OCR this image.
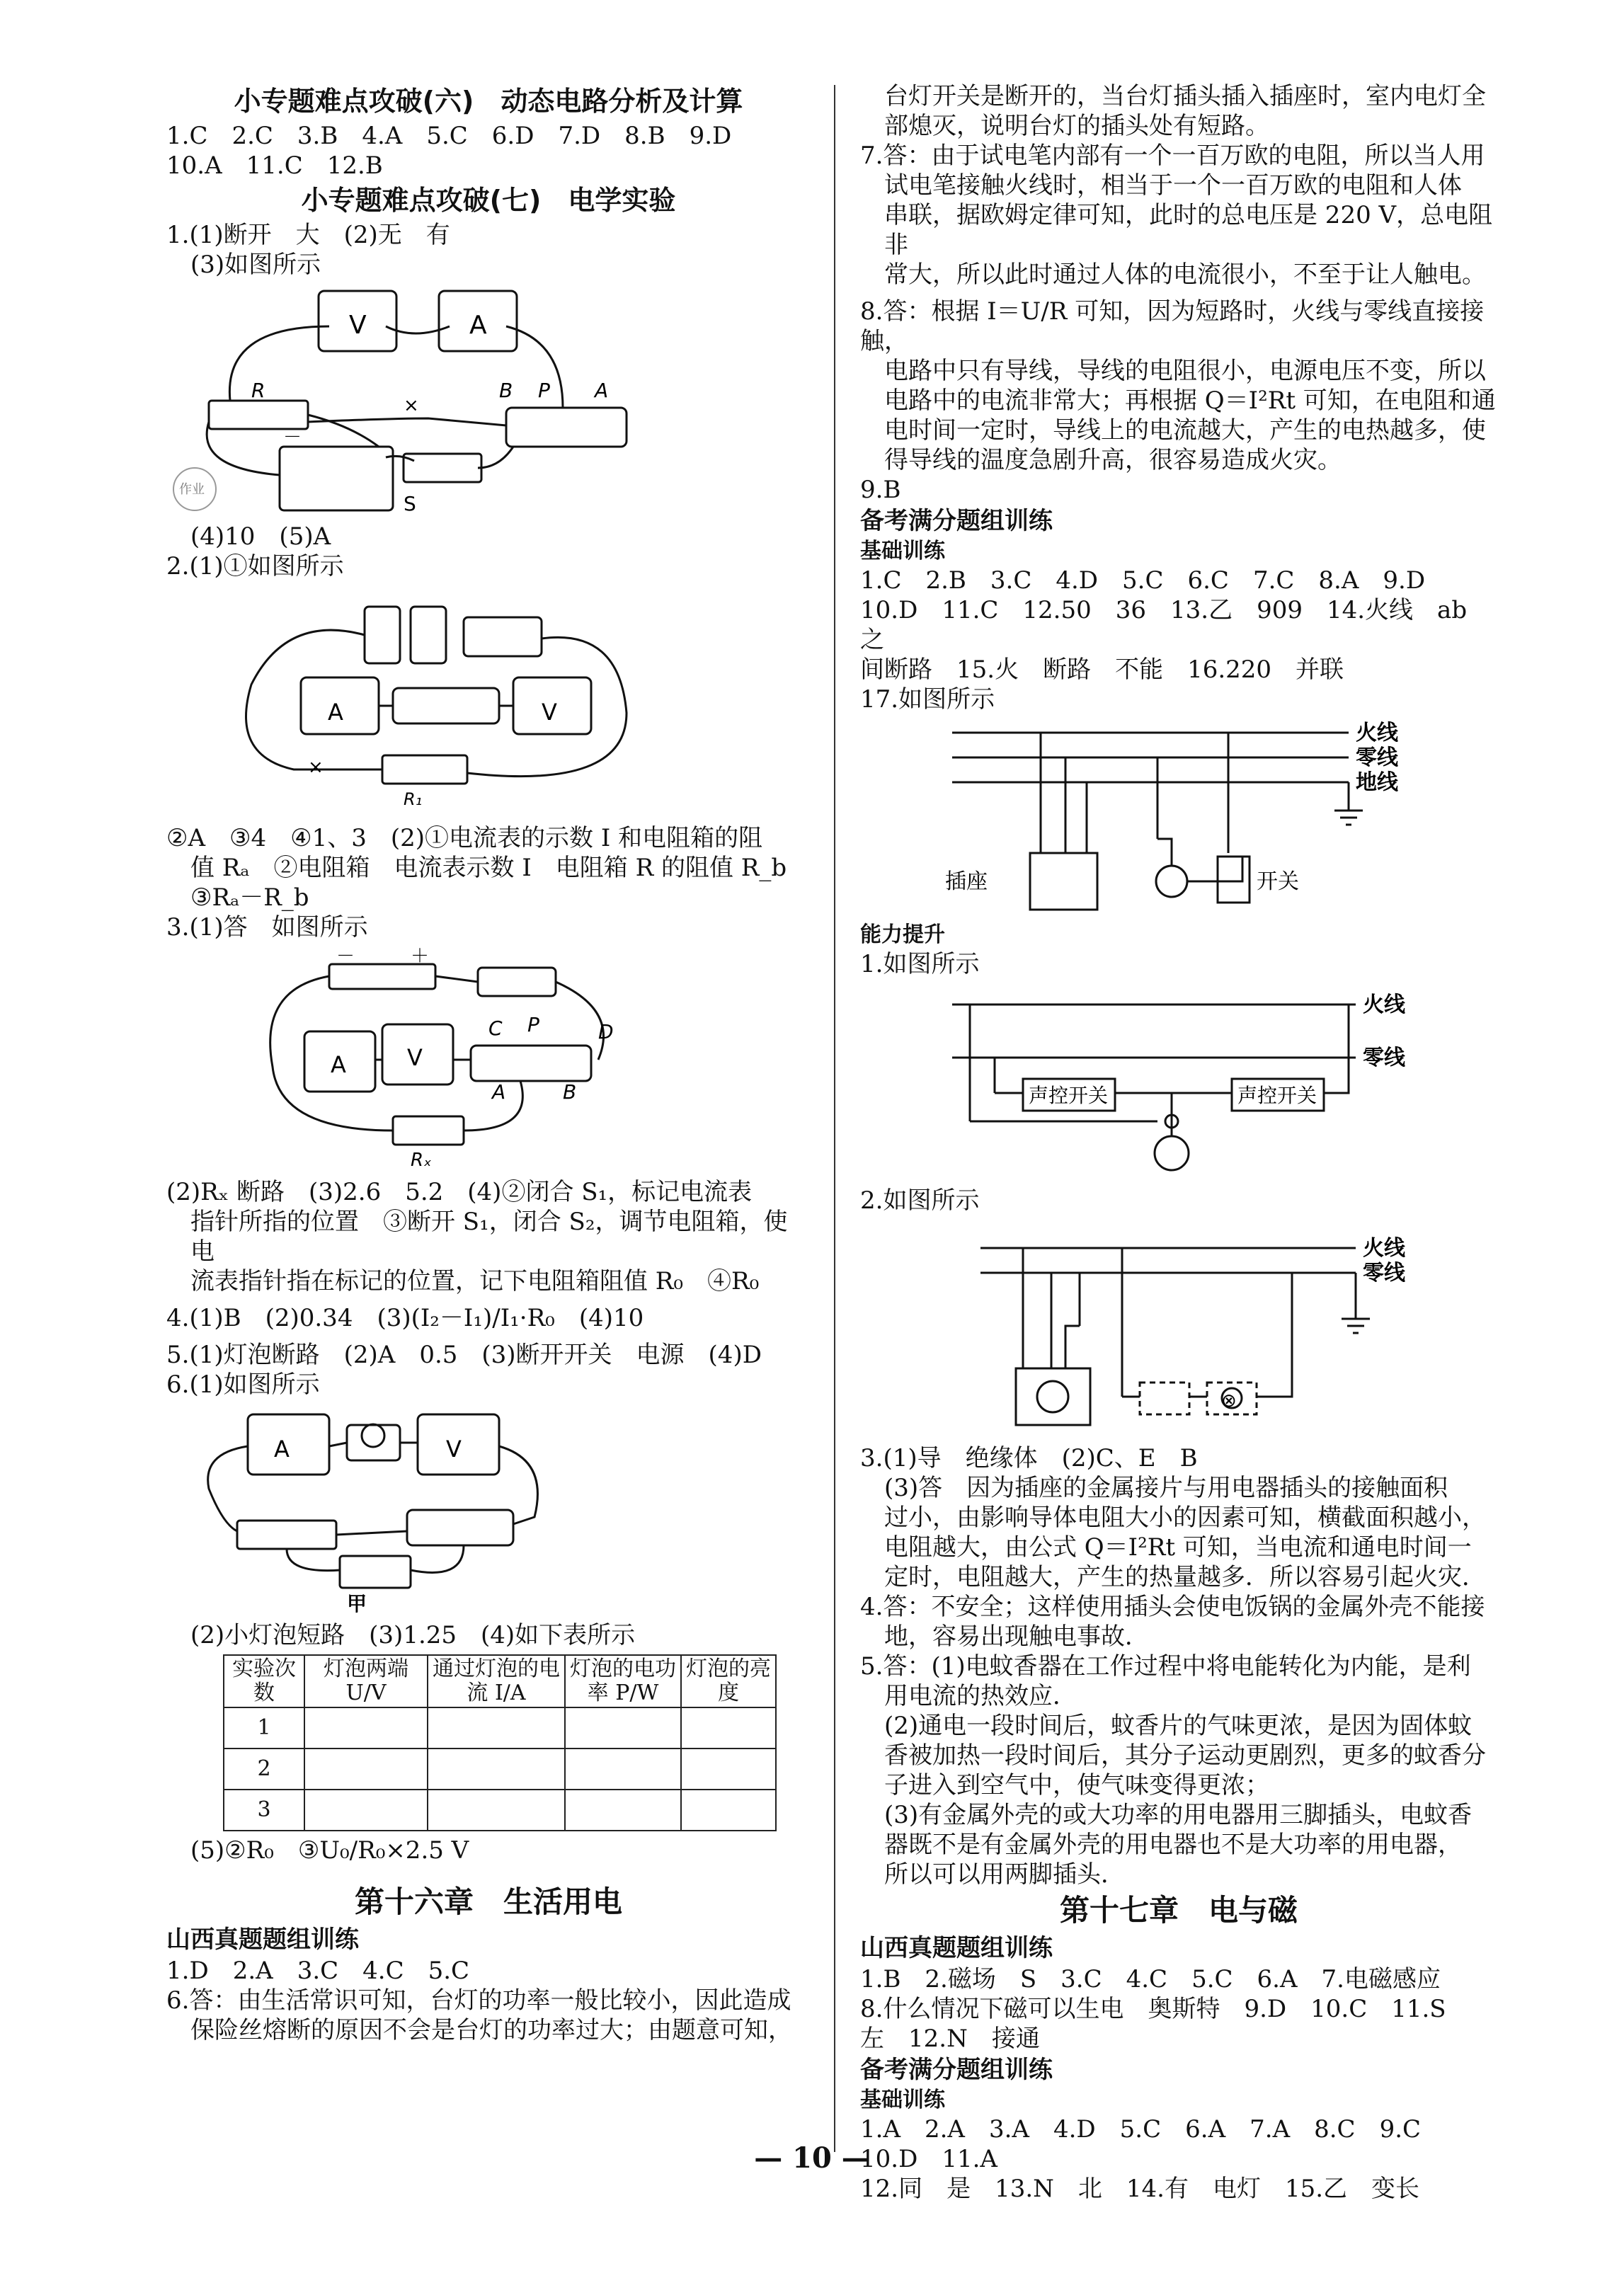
小专题难点攻破(六)　动态电路分析及计算

1.C　2.C　3.B　4.A　5.C　6.D　7.D　8.B　9.D

10.A　11.C　12.B

小专题难点攻破(七)　电学实验

1.(1)断开　大　(2)无　有

(3)如图所示

V	A
R	B P A
S
－
×
作业

(4)10　(5)A

2.(1)①如图所示

A	V
R₁
×

②A　③4　④1、3　(2)①电流表的示数 I 和电阻箱的阻

值 Rₐ　②电阻箱　电流表示数 I　电阻箱 R 的阻值 R_b

③Rₐ－R_b

3.(1)答　如图所示

A	V
C P	D
A	B
Rₓ
＋
－

(2)Rₓ 断路　(3)2.6　5.2　(4)②闭合 S₁，标记电流表

指针所指的位置　③断开 S₁，闭合 S₂，调节电阻箱，使电

流表指针指在标记的位置，记下电阻箱阻值 R₀　④R₀

4.(1)B　(2)0.34　(3)(I₂－I₁)/I₁·R₀　(4)10

5.(1)灯泡断路　(2)A　0.5　(3)断开开关　电源　(4)D

6.(1)如图所示

A	V
甲

(2)小灯泡短路　(3)1.25　(4)如下表所示

实验次数	灯泡两端U/V	通过灯泡的电流 I/A	灯泡的电功率 P/W	灯泡的亮度
1				
2				
3				

(5)②R₀　③U₀/R₀×2.5 V

第十六章　生活用电
山西真题题组训练

1.D　2.A　3.C　4.C　5.C

6.答：由生活常识可知，台灯的功率一般比较小，因此造成

保险丝熔断的原因不会是台灯的功率过大；由题意可知，

台灯开关是断开的，当台灯插头插入插座时，室内电灯全

部熄灭，说明台灯的插头处有短路。

7.答：由于试电笔内部有一个一百万欧的电阻，所以当人用

试电笔接触火线时，相当于一个一百万欧的电阻和人体

串联，据欧姆定律可知，此时的总电压是 220 V，总电阻非

常大，所以此时通过人体的电流很小，不至于让人触电。

8.答：根据 I＝U/R 可知，因为短路时，火线与零线直接接触，

电路中只有导线，导线的电阻很小，电源电压不变，所以

电路中的电流非常大；再根据 Q＝I²Rt 可知，在电阻和通

电时间一定时，导线上的电流越大，产生的电热越多，使

得导线的温度急剧升高，很容易造成火灾。

9.B

备考满分题组训练
基础训练

1.C　2.B　3.C　4.D　5.C　6.C　7.C　8.A　9.D

10.D　11.C　12.50　36　13.乙　909　14.火线　ab 之

间断路　15.火　断路　不能　16.220　并联

17.如图所示

火线
零线
地线
插座	开关
能力提升

1.如图所示

火线
零线
声控开关	声控开关

2.如图所示

⊗
火线
零线

3.(1)导　绝缘体　(2)C、E　B

(3)答　因为插座的金属接片与用电器插头的接触面积

过小，由影响导体电阻大小的因素可知，横截面积越小，

电阻越大，由公式 Q＝I²Rt 可知，当电流和通电时间一

定时，电阻越大，产生的热量越多．所以容易引起火灾．

4.答：不安全；这样使用插头会使电饭锅的金属外壳不能接

地，容易出现触电事故．

5.答：(1)电蚊香器在工作过程中将电能转化为内能，是利

用电流的热效应．

(2)通电一段时间后，蚊香片的气味更浓，是因为固体蚊

香被加热一段时间后，其分子运动更剧烈，更多的蚊香分

子进入到空气中，使气味变得更浓；

(3)有金属外壳的或大功率的用电器用三脚插头，电蚊香

器既不是有金属外壳的用电器也不是大功率的用电器，

所以可以用两脚插头．

第十七章　电与磁
山西真题题组训练

1.B　2.磁场　S　3.C　4.C　5.C　6.A　7.电磁感应

8.什么情况下磁可以生电　奥斯特　9.D　10.C　11.S

左　12.N　接通

备考满分题组训练
基础训练

1.A　2.A　3.A　4.D　5.C　6.A　7.A　8.C　9.C

10.D　11.A

12.同　是　13.N　北　14.有　电灯　15.乙　变长

— 10 —
